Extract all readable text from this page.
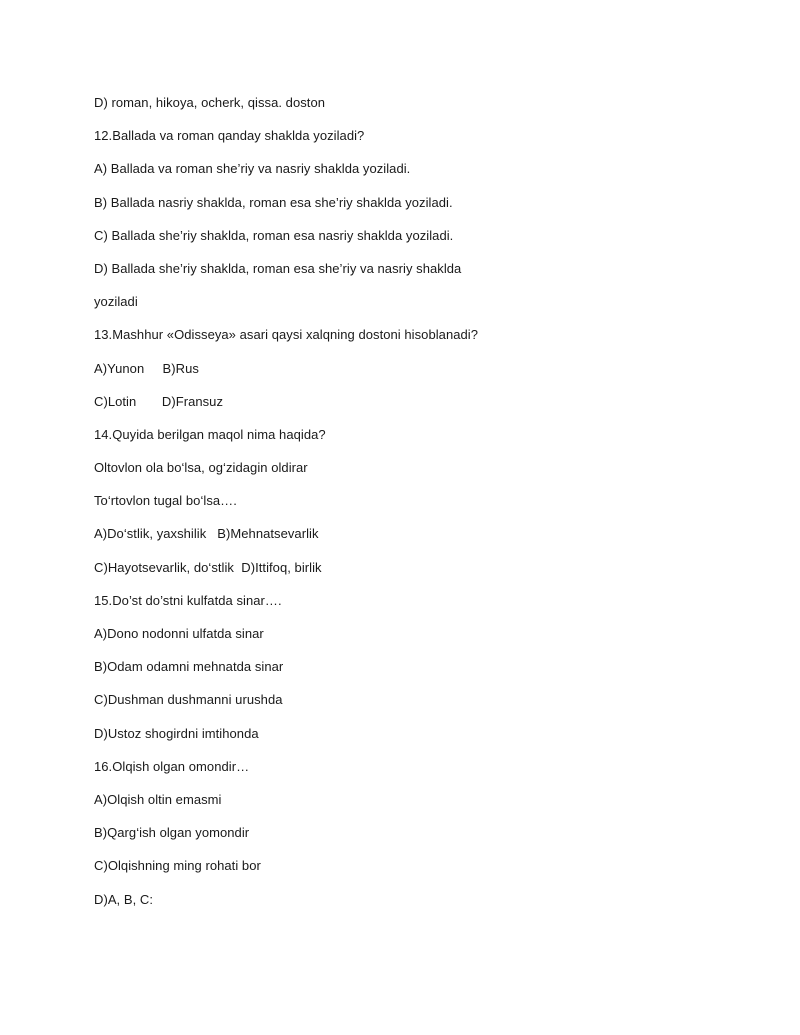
D) roman, hikoya, ocherk, qissa. doston
12.Ballada va roman qanday shaklda yoziladi?
A) Ballada va roman she’riy va nasriy shaklda yoziladi.
B) Ballada nasriy shaklda, roman esa she’riy shaklda yoziladi.
C) Ballada she’riy shaklda, roman esa nasriy shaklda yoziladi.
D) Ballada she’riy shaklda, roman esa she’riy va nasriy shaklda
yoziladi
13.Mashhur «Odisseya» asari qaysi xalqning dostoni hisoblanadi?
A)Yunon     B)Rus
C)Lotin       D)Fransuz
14.Quyida berilgan maqol nima haqida?
Oltovlon ola bo‘lsa, og‘zidagin oldirar
To‘rtovlon tugal bo‘lsa….
A)Do‘stlik, yaxshilik   B)Mehnatsevarlik
C)Hayotsevarlik, do‘stlik  D)Ittifoq, birlik
15.Do’st do’stni kulfatda sinar….
A)Dono nodonni ulfatda sinar
B)Odam odamni mehnatda sinar
C)Dushman dushmanni urushda
D)Ustoz shogirdni imtihonda
16.Olqish olgan omondir…
A)Olqish oltin emasmi
B)Qarg‘ish olgan yomondir
C)Olqishning ming rohati bor
D)A, B, C:
